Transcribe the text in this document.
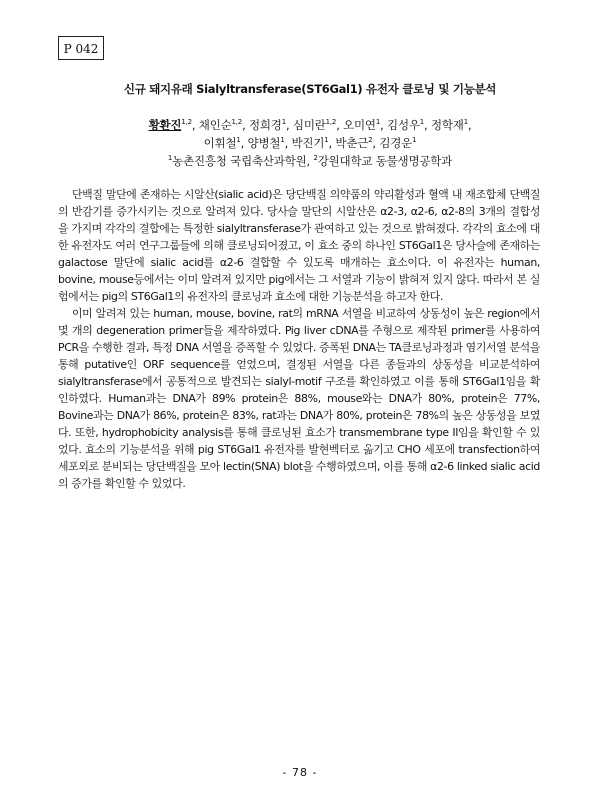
P 042
신규 돼지유래 Sialyltransferase(ST6Gal1) 유전자 클로닝 및 기능분석
황환진$^{1,2}$, 채인순$^{1,2}$, 정희경$^1$, 심미란$^{1,2}$, 오미연$^1$, 김성우$^1$, 정학재$^1$,
이휘철$^1$, 양병철$^1$, 박진기$^1$, 박춘근$^2$, 김경운$^1$
$^1$농촌진흥청 국립축산과학원, $^2$강원대학교 동물생명공학과

단백질 말단에 존재하는 시알산(sialic acid)은 당단백질 의약품의 약리활성과 혈액 내 재조합체 단백질의 반감기를 증가시키는 것으로 알려져 있다. 당사슬 말단의 시알산은 α2-3, α2-6, α2-8의 3개의 결합성을 가지며 각각의 결합에는 특정한 sialyltransferase가 관여하고 있는 것으로 밝혀졌다. 각각의 효소에 대한 유전자도 여러 연구그룹들에 의해 클로닝되어졌고, 이 효소 중의 하나인 ST6Gal1은 당사슬에 존재하는 galactose 말단에 sialic acid를 α2-6 결합할 수 있도록 매개하는 효소이다. 이 유전자는 human, bovine, mouse등에서는 이미 알려져 있지만 pig에서는 그 서열과 기능이 밝혀져 있지 않다. 따라서 본 실험에서는 pig의 ST6Gal1의 유전자의 클로닝과 효소에 대한 기능분석을 하고자 한다.

이미 알려져 있는 human, mouse, bovine, rat의 mRNA 서열을 비교하여 상동성이 높은 region에서 몇 개의 degeneration primer들을 제작하였다. Pig liver cDNA를 주형으로 제작된 primer를 사용하여 PCR을 수행한 결과, 특정 DNA 서열을 증폭할 수 있었다. 증폭된 DNA는 TA클로닝과정과 염기서열 분석을 통해 putative인 ORF sequence를 얻었으며, 결정된 서열을 다른 종들과의 상동성을 비교분석하여 sialyltransferase에서 공통적으로 발견되는 sialyl-motif 구조를 확인하였고 이를 통해 ST6Gal1임을 확인하였다. Human과는 DNA가 89% protein은 88%, mouse와는 DNA가 80%, protein은 77%, Bovine과는 DNA가 86%, protein은 83%, rat과는 DNA가 80%, protein은 78%의 높은 상동성을 보였다. 또한, hydrophobicity analysis를 통해 클로닝된 효소가 transmembrane type II임을 확인할 수 있었다. 효소의 기능분석을 위해 pig ST6Gal1 유전자를 발현벡터로 옮기고 CHO 세포에 transfection하여 세포외로 분비되는 당단백질을 모아 lectin(SNA) blot을 수행하였으며, 이를 통해 α2-6 linked sialic acid의 증가를 확인할 수 있었다.

- 78 -
